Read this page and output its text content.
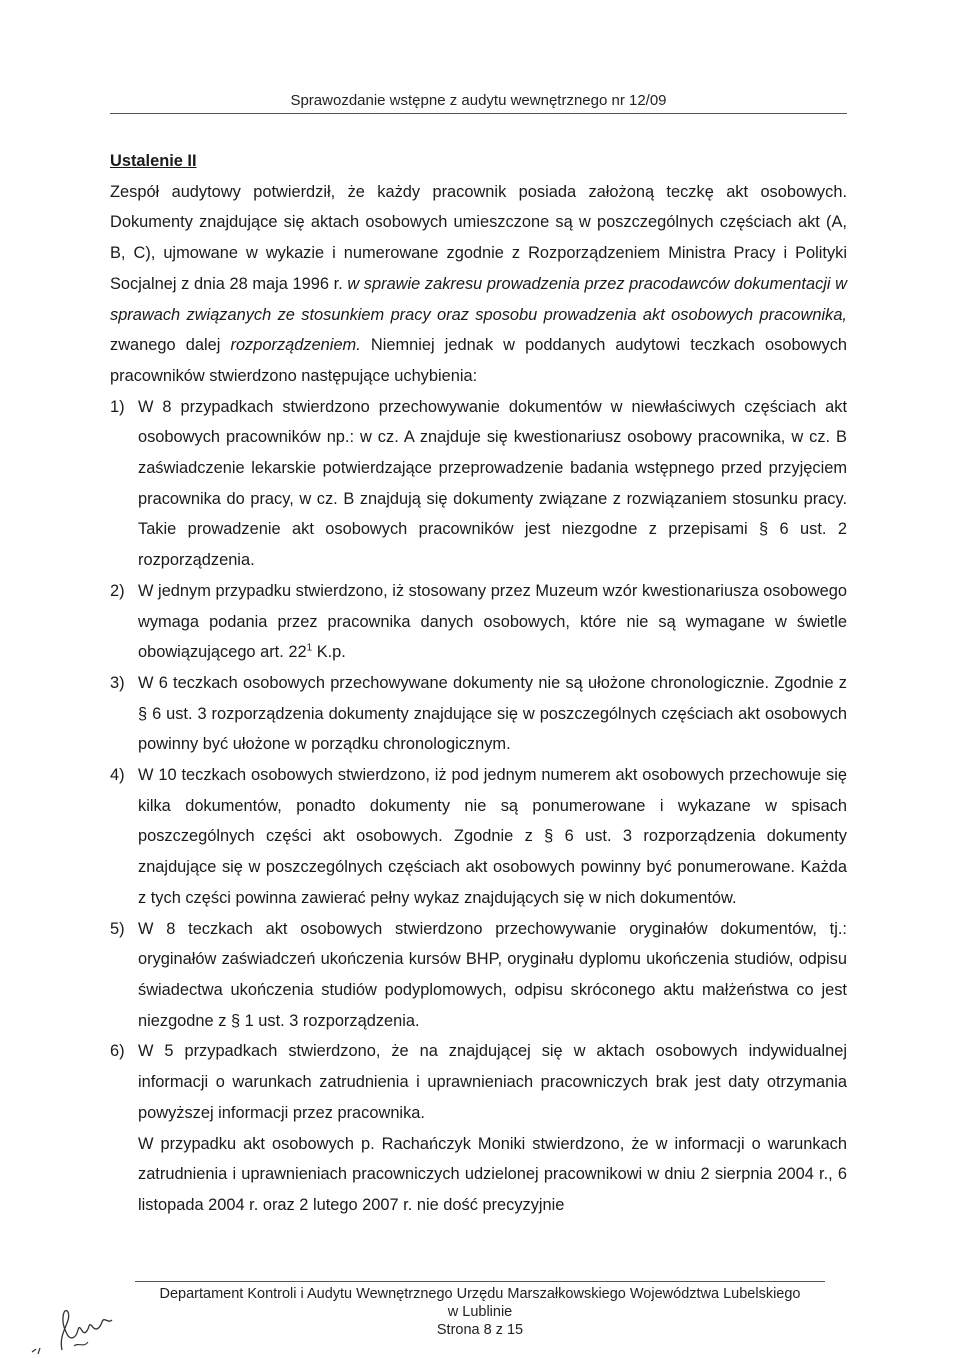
Sprawozdanie wstępne z audytu wewnętrznego nr 12/09

Ustalenie II

Zespół audytowy potwierdził, że każdy pracownik posiada założoną teczkę akt osobowych. Dokumenty znajdujące się aktach osobowych umieszczone są w poszczególnych częściach akt (A, B, C), ujmowane w wykazie i numerowane zgodnie z Rozporządzeniem Ministra Pracy i Polityki Socjalnej z dnia 28 maja 1996 r. w sprawie zakresu prowadzenia przez pracodawców dokumentacji w sprawach związanych ze stosunkiem pracy oraz sposobu prowadzenia akt osobowych pracownika, zwanego dalej rozporządzeniem. Niemniej jednak w poddanych audytowi teczkach osobowych pracowników stwierdzono następujące uchybienia:

1) W 8 przypadkach stwierdzono przechowywanie dokumentów w niewłaściwych częściach akt osobowych pracowników np.: w cz. A znajduje się kwestionariusz osobowy pracownika, w cz. B zaświadczenie lekarskie potwierdzające przeprowadzenie badania wstępnego przed przyjęciem pracownika do pracy, w cz. B znajdują się dokumenty związane z rozwiązaniem stosunku pracy. Takie prowadzenie akt osobowych pracowników jest niezgodne z przepisami § 6 ust. 2 rozporządzenia.

2) W jednym przypadku stwierdzono, iż stosowany przez Muzeum wzór kwestionariusza osobowego wymaga podania przez pracownika danych osobowych, które nie są wymagane w świetle obowiązującego art. $22^1$ K.p.

3) W 6 teczkach osobowych przechowywane dokumenty nie są ułożone chronologicznie. Zgodnie z § 6 ust. 3 rozporządzenia dokumenty znajdujące się w poszczególnych częściach akt osobowych powinny być ułożone w porządku chronologicznym.

4) W 10 teczkach osobowych stwierdzono, iż pod jednym numerem akt osobowych przechowuje się kilka dokumentów, ponadto dokumenty nie są ponumerowane i wykazane w spisach poszczególnych części akt osobowych. Zgodnie z § 6 ust. 3 rozporządzenia dokumenty znajdujące się w poszczególnych częściach akt osobowych powinny być ponumerowane. Każda z tych części powinna zawierać pełny wykaz znajdujących się w nich dokumentów.

5) W 8 teczkach akt osobowych stwierdzono przechowywanie oryginałów dokumentów, tj.: oryginałów zaświadczeń ukończenia kursów BHP, oryginału dyplomu ukończenia studiów, odpisu świadectwa ukończenia studiów podyplomowych, odpisu skróconego aktu małżeństwa co jest niezgodne z § 1 ust. 3 rozporządzenia.

6) W 5 przypadkach stwierdzono, że na znajdującej się w aktach osobowych indywidualnej informacji o warunkach zatrudnienia i uprawnieniach pracowniczych brak jest daty otrzymania powyższej informacji przez pracownika.

W przypadku akt osobowych p. Rachańczyk Moniki stwierdzono, że w informacji o warunkach zatrudnienia i uprawnieniach pracowniczych udzielonej pracownikowi w dniu 2 sierpnia 2004 r., 6 listopada 2004 r. oraz 2 lutego 2007 r. nie dość precyzyjnie

Departament Kontroli i Audytu Wewnętrznego Urzędu Marszałkowskiego Województwa Lubelskiego
w Lublinie
Strona 8 z 15
